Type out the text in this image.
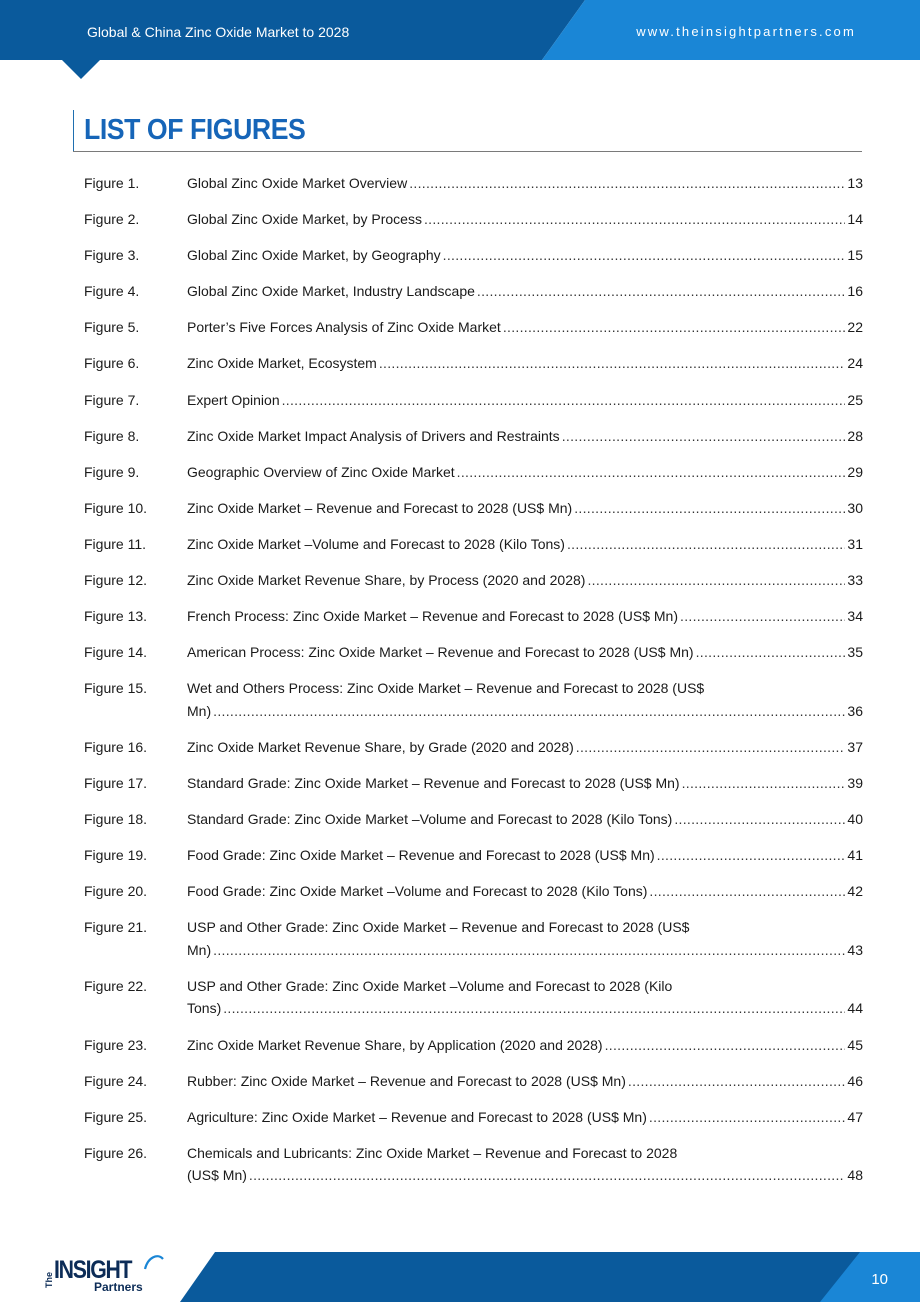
Global & China Zinc Oxide Market to 2028	www.theinsightpartners.com
LIST OF FIGURES
Figure 1.	Global Zinc Oxide Market Overview .....	13
Figure 2.	Global Zinc Oxide Market, by Process .....	14
Figure 3.	Global Zinc Oxide Market, by Geography .....	15
Figure 4.	Global Zinc Oxide Market, Industry Landscape .....	16
Figure 5.	Porter’s Five Forces Analysis of Zinc Oxide Market .....	22
Figure 6.	Zinc Oxide Market, Ecosystem .....	24
Figure 7.	Expert Opinion .....	25
Figure 8.	Zinc Oxide Market Impact Analysis of Drivers and Restraints .....	28
Figure 9.	Geographic Overview of Zinc Oxide Market .....	29
Figure 10.	Zinc Oxide Market – Revenue and Forecast to 2028 (US$ Mn) .....	30
Figure 11.	Zinc Oxide Market –Volume and Forecast to 2028 (Kilo Tons) .....	31
Figure 12.	Zinc Oxide Market Revenue Share, by Process (2020 and 2028) .....	33
Figure 13.	French Process: Zinc Oxide Market – Revenue and Forecast to 2028 (US$ Mn) .....	34
Figure 14.	American Process: Zinc Oxide Market – Revenue and Forecast to 2028 (US$ Mn) .....	35
Figure 15.	Wet and Others Process: Zinc Oxide Market – Revenue and Forecast to 2028 (US$
Mn) .....	36
Figure 16.	Zinc Oxide Market Revenue Share, by Grade (2020 and 2028) .....	37
Figure 17.	Standard Grade: Zinc Oxide Market – Revenue and Forecast to 2028 (US$ Mn) .....	39
Figure 18.	Standard Grade: Zinc Oxide Market –Volume and Forecast to 2028 (Kilo Tons) .....	40
Figure 19.	Food Grade: Zinc Oxide Market – Revenue and Forecast to 2028 (US$ Mn) .....	41
Figure 20.	Food Grade: Zinc Oxide Market –Volume and Forecast to 2028 (Kilo Tons) .....	42
Figure 21.	USP and Other Grade: Zinc Oxide Market – Revenue and Forecast to 2028 (US$
Mn) .....	43
Figure 22.	USP and Other Grade: Zinc Oxide Market –Volume and Forecast to 2028 (Kilo
Tons) .....	44
Figure 23.	Zinc Oxide Market Revenue Share, by Application (2020 and 2028) .....	45
Figure 24.	Rubber: Zinc Oxide Market – Revenue and Forecast to 2028 (US$ Mn) .....	46
Figure 25.	Agriculture: Zinc Oxide Market – Revenue and Forecast to 2028 (US$ Mn) .....	47
Figure 26.	Chemicals and Lubricants: Zinc Oxide Market – Revenue and Forecast to 2028
(US$ Mn) .....	48
10
The INSIGHT
Partners
